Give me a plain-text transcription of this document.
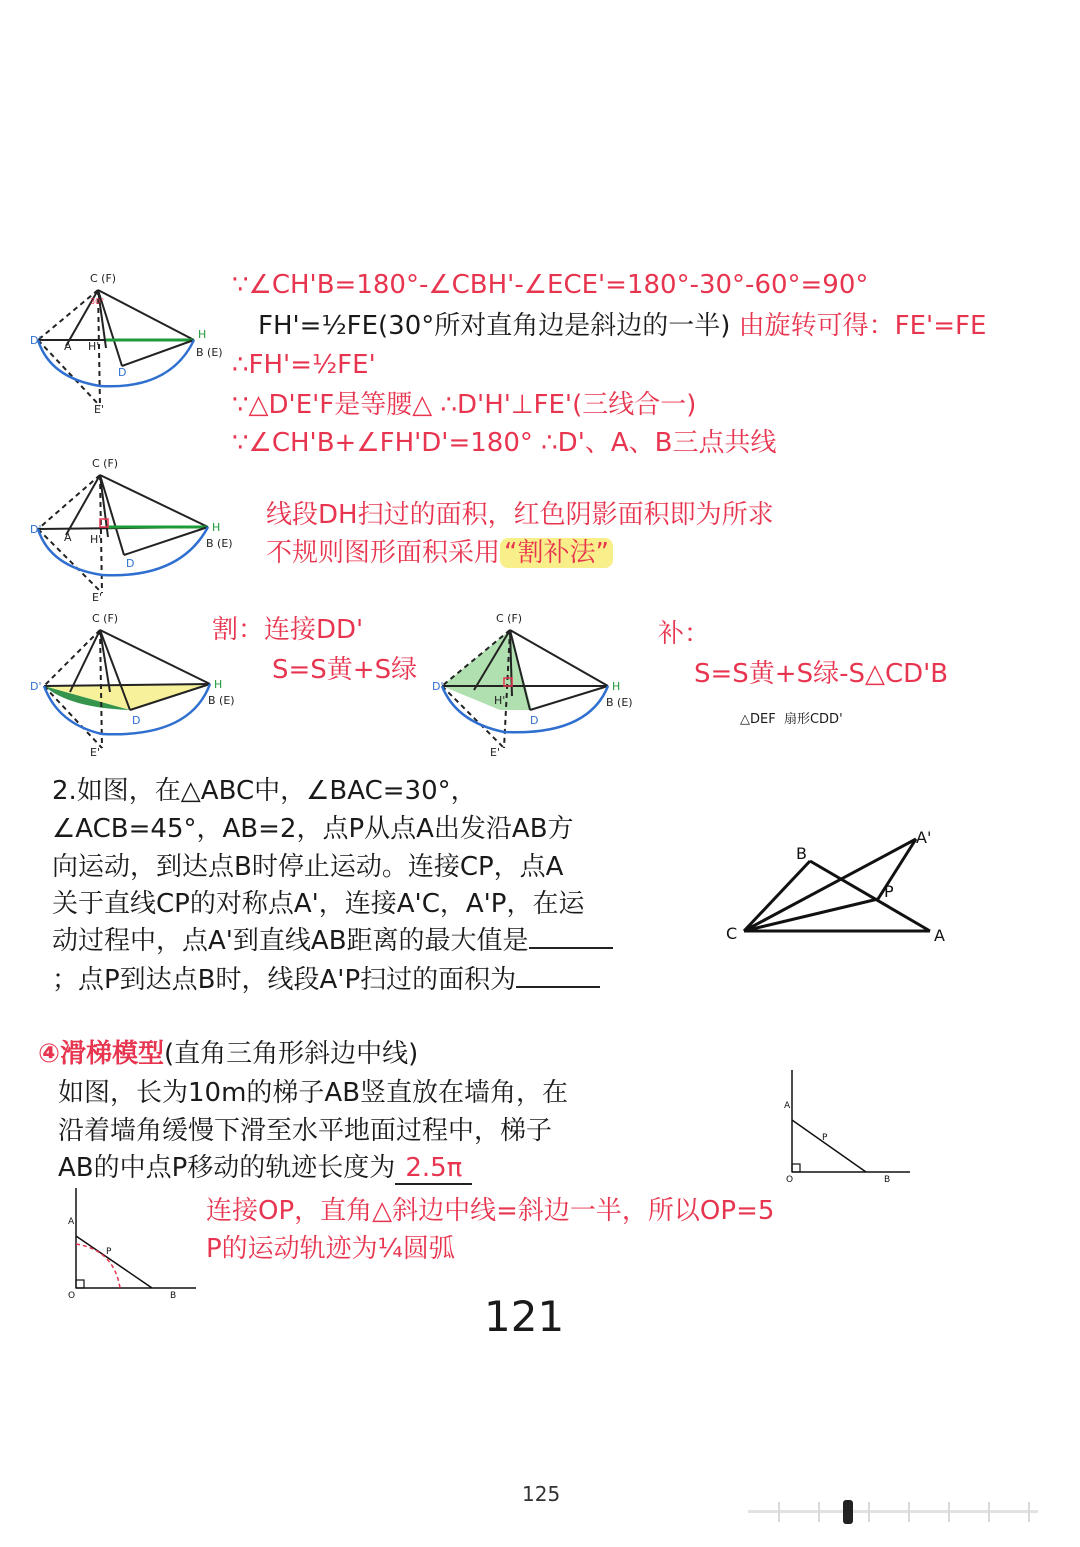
C (F)
H
D' A H'	B (E)
D
E'
30°
∵∠CH'B=180°-∠CBH'-∠ECE'=180°-30°-60°=90°
FH'=½FE(30°所对直角边是斜边的一半) 由旋转可得：FE'=FE
∴FH'=½FE'
∵△D'E'F是等腰△ ∴D'H'⊥FE'(三线合一)
∵∠CH'B+∠FH'D'=180° ∴D'、A、B三点共线
C (F)
H
D'
A H'	B (E)
D
E'
线段DH扫过的面积，红色阴影面积即为所求
不规则图形面积采用 “割补法”
C (F)
H
D'
B (E)
D
E'
割：连接DD'
S=S黄+S绿
C (F)
H
D'
H'	B (E)
D
E'
补：
S=S黄+S绿-S△CD'B
△DEF 扇形CDD'
2.如图，在△ABC中，∠BAC=30°，
∠ACB=45°，AB=2，点P从点A出发沿AB方
向运动，到达点B时停止运动。连接CP，点A
关于直线CP的对称点A'，连接A'C，A'P，在运
动过程中，点A'到直线AB距离的最大值是
；点P到达点B时，线段A'P扫过的面积为
B
A'
P
C	A
④滑梯模型(直角三角形斜边中线)
如图，长为10m的梯子AB竖直放在墙角，在
沿着墙角缓慢下滑至水平地面过程中，梯子
AB的中点P移动的轨迹长度为 2.5π
A
P
O	B
A
P
O	B
连接OP，直角△斜边中线=斜边一半，所以OP=5
P的运动轨迹为¼圆弧
121
125
